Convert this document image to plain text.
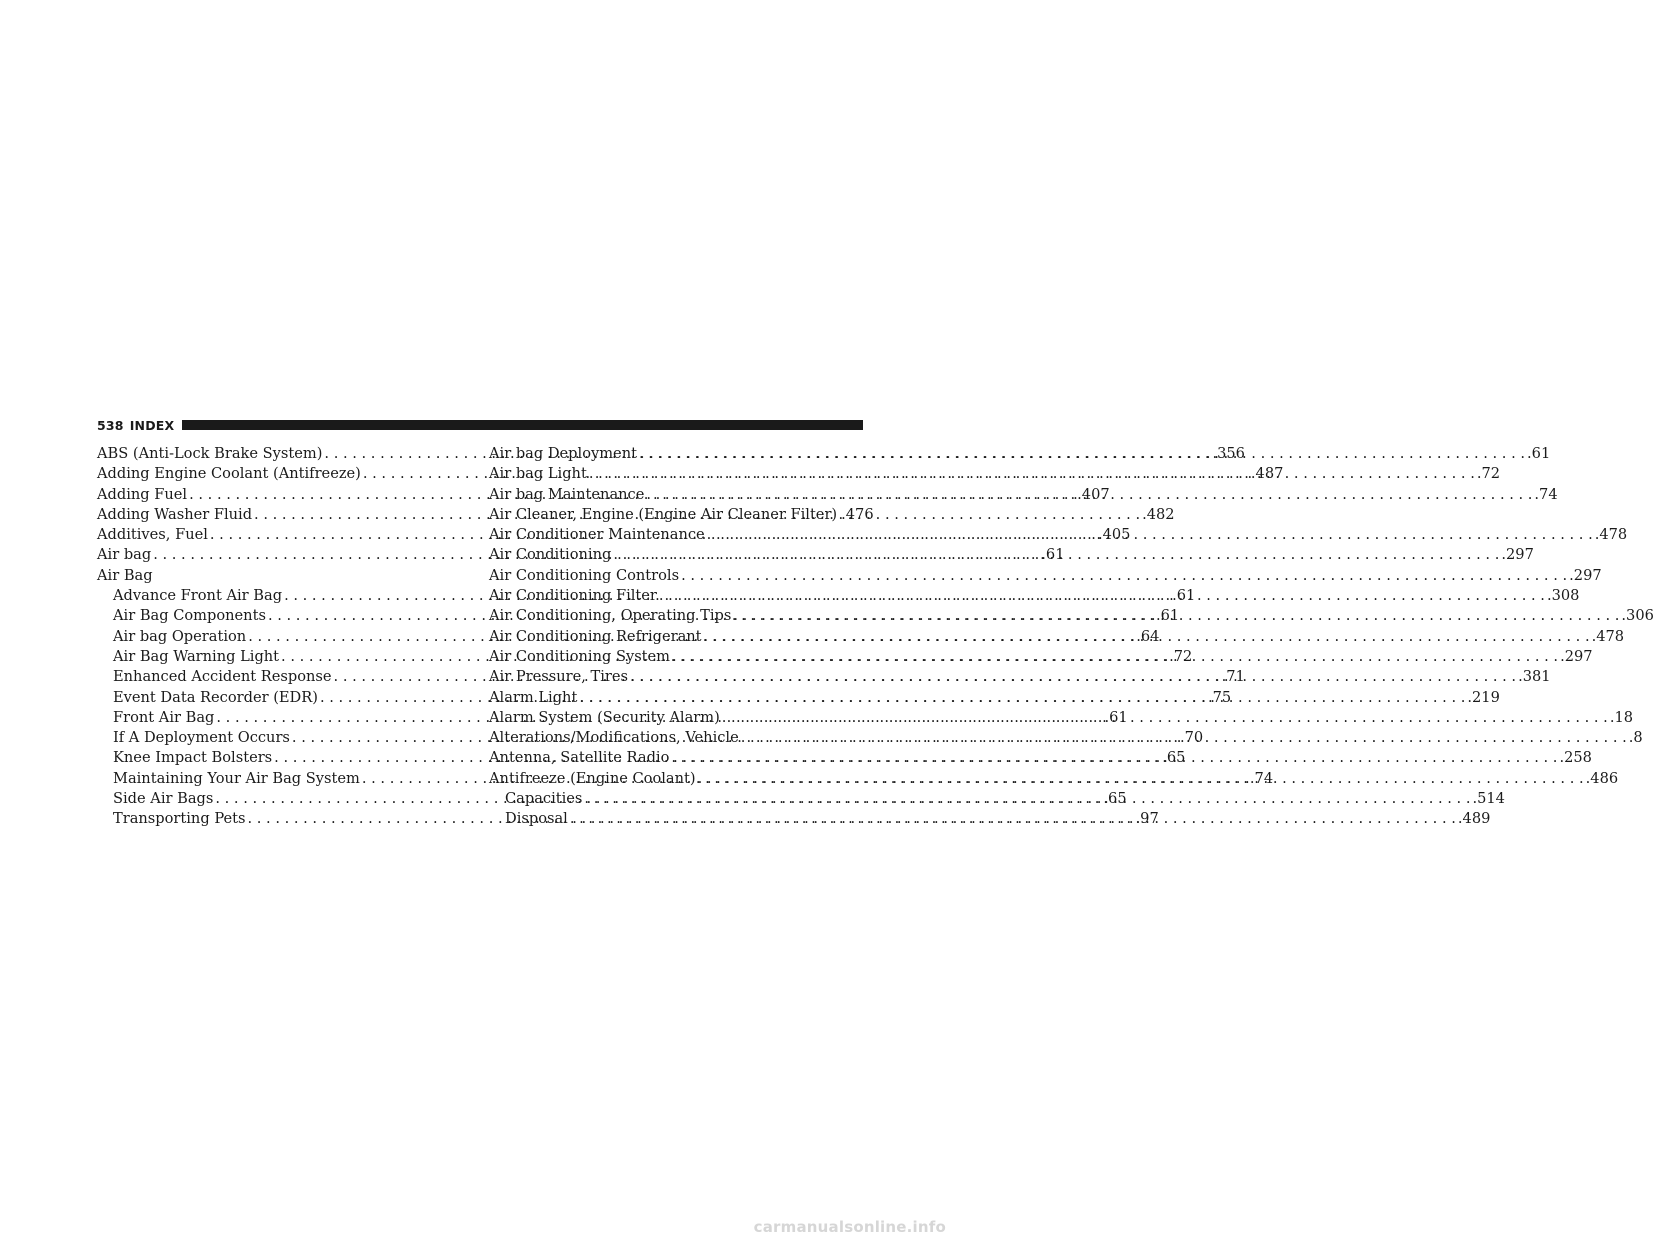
538 INDEX
ABS (Anti-Lock Brake System) . . .	.356
Adding Engine Coolant (Antifreeze) . . .	.487
Adding Fuel . . .	.407
Adding Washer Fluid . . .	.482
Additives, Fuel . . .	.405
Air bag . . .	.61
Air Bag
Advance Front Air Bag . . .	.61
Air Bag Components . . .	.61
Air bag Operation . . .	.64
Air Bag Warning Light . . .	.72
Enhanced Accident Response . . .	.71
Event Data Recorder (EDR) . . .	.75
Front Air Bag . . .	.61
If A Deployment Occurs . . .	.70
Knee Impact Bolsters . . .	.65
Maintaining Your Air Bag System . . .	.74
Side Air Bags . . .	.65
Transporting Pets . . .	.97
Air bag Deployment . . .	.61
Air bag Light . . .	.72
Air bag Maintenance . . .	.74
Air Cleaner, Engine (Engine Air Cleaner Filter) .476
Air Conditioner Maintenance . . .	.478
Air Conditioning . . .	.297
Air Conditioning Controls . . .	.297
Air Conditioning Filter . . .	.308
Air Conditioning, Operating Tips . . .	.306
Air Conditioning Refrigerant . . .	.478
Air Conditioning System . . .	.297
Air Pressure, Tires . . .	.381
Alarm Light . . .	.219
Alarm System (Security Alarm) . . .	.18
Alterations/Modifications, Vehicle . . .	.8
Antenna, Satellite Radio . . .	.258
Antifreeze (Engine Coolant) . . .	.486
Capacities . . .	.514
Disposal . . .	.489
carmanualsonline.info
